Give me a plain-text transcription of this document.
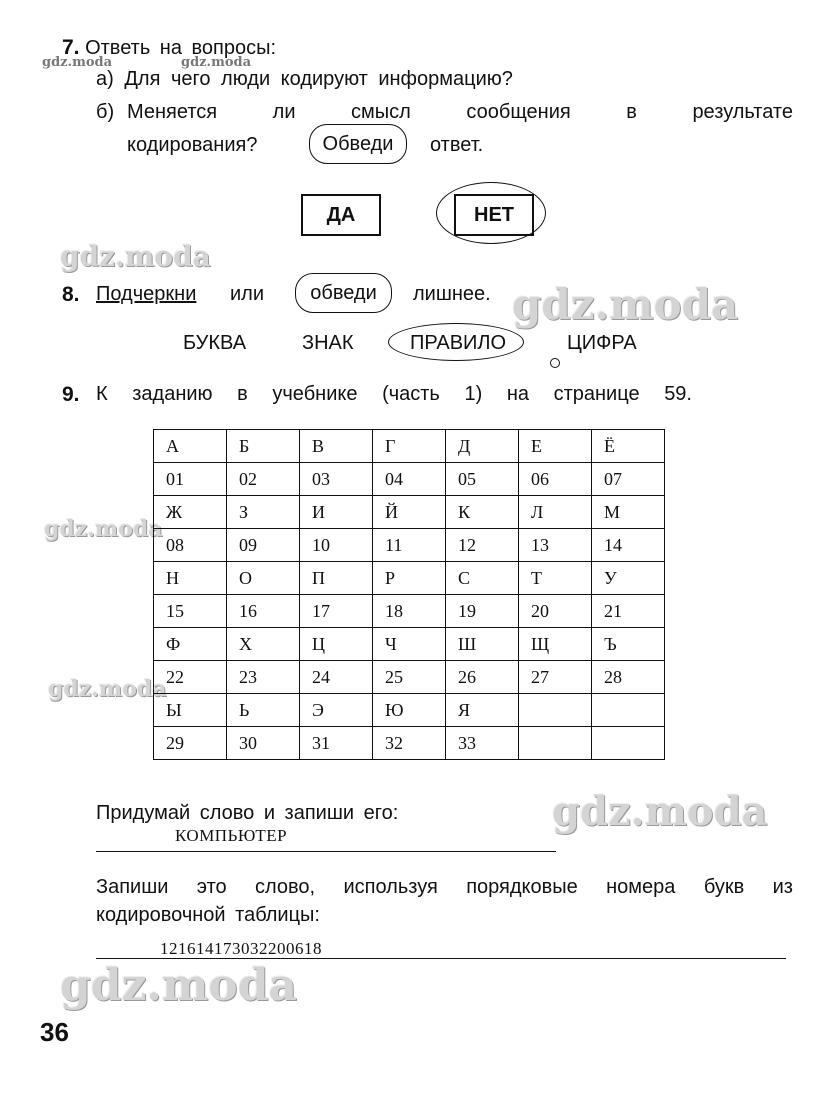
gdz.moda	gdz.moda
gdz.moda
gdz.moda
gdz.moda
gdz.moda
gdz.moda
gdz.moda
7. Ответь на вопросы:
а) Для чего люди кодируют информацию?
б) Меняется	ли	смысл	сообщения	в	результате
кодирования?	Обведи	ответ.
ДА	НЕТ
8. Подчеркни или	обведи	лишнее.
БУКВА	ЗНАК	ПРАВИЛО	ЦИФРА
9. К заданию в учебнике (часть 1) на странице 59.
А	Б	В	Г	Д	Е	Ё
01	02	03	04	05	06	07
Ж	З	И	Й	К	Л	М
08	09	10	11	12	13	14
Н	О	П	Р	С	Т	У
15	16	17	18	19	20	21
Ф	Х	Ц	Ч	Ш	Щ	Ъ
22	23	24	25	26	27	28
Ы	Ь	Э	Ю	Я		
29	30	31	32	33		
Придумай слово и запиши его:
КОМПЬЮТЕР
Запиши это слово, используя порядковые номера букв из
кодировочной таблицы:
121614173032200618
36
